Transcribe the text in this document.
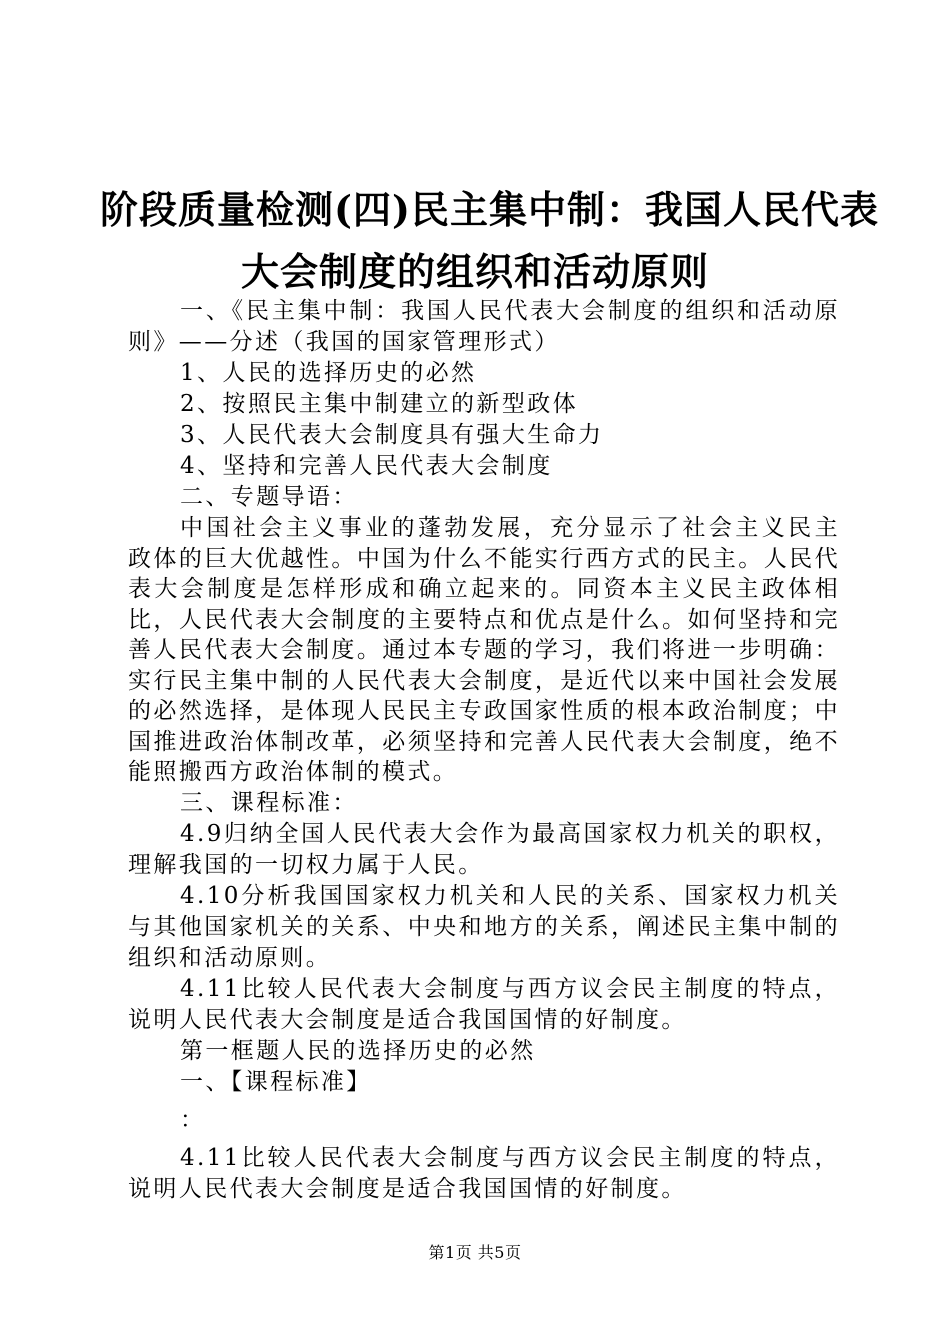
阶段质量检测(四)民主集中制：我国人民代表
大会制度的组织和活动原则

一、《民主集中制：我国人民代表大会制度的组织和活动原则》——分述（我国的国家管理形式）

1、人民的选择历史的必然

2、按照民主集中制建立的新型政体

3、人民代表大会制度具有强大生命力

4、坚持和完善人民代表大会制度

二、专题导语：

中国社会主义事业的蓬勃发展，充分显示了社会主义民主政体的巨大优越性。中国为什么不能实行西方式的民主。人民代表大会制度是怎样形成和确立起来的。同资本主义民主政体相比，人民代表大会制度的主要特点和优点是什么。如何坚持和完善人民代表大会制度。通过本专题的学习，我们将进一步明确：实行民主集中制的人民代表大会制度，是近代以来中国社会发展的必然选择，是体现人民民主专政国家性质的根本政治制度；中国推进政治体制改革，必须坚持和完善人民代表大会制度，绝不能照搬西方政治体制的模式。

三、课程标准：

4.9归纳全国人民代表大会作为最高国家权力机关的职权，理解我国的一切权力属于人民。

4.10分析我国国家权力机关和人民的关系、国家权力机关与其他国家机关的关系、中央和地方的关系，阐述民主集中制的组织和活动原则。

4.11比较人民代表大会制度与西方议会民主制度的特点，说明人民代表大会制度是适合我国国情的好制度。

第一框题人民的选择历史的必然

一、【课程标准】

：

4.11比较人民代表大会制度与西方议会民主制度的特点，说明人民代表大会制度是适合我国国情的好制度。

第1页 共5页
